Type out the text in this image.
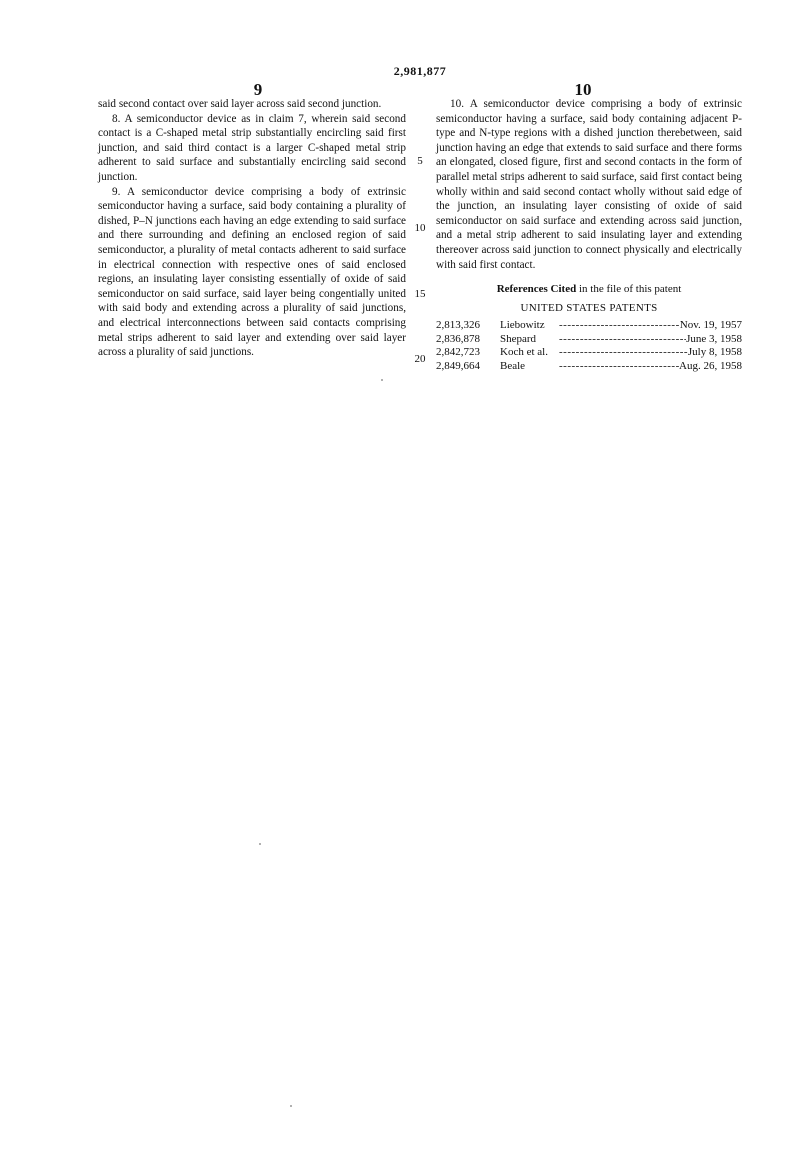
2,981,877
9	10

said second contact over said layer across said second junction.

8. A semiconductor device as in claim 7, wherein said second contact is a C-shaped metal strip substantially encircling said first junction, and said third contact is a larger C-shaped metal strip adherent to said surface and substantially encircling said second junction.

9. A semiconductor device comprising a body of extrinsic semiconductor having a surface, said body containing a plurality of dished, P–N junctions each having an edge extending to said surface and there surrounding and defining an enclosed region of said semiconductor, a plurality of metal contacts adherent to said surface in electrical connection with respective ones of said enclosed regions, an insulating layer consisting essentially of oxide of said semiconductor on said surface, said layer being congentially united with said body and extending across a plurality of said junctions, and electrical interconnections between said contacts comprising metal strips adherent to said layer and extending over said layer across a plurality of said junctions.

5
10
15
20

10. A semiconductor device comprising a body of extrinsic semiconductor having a surface, said body containing adjacent P-type and N-type regions with a dished junction therebetween, said junction having an edge that extends to said surface and there forms an elongated, closed figure, first and second contacts in the form of parallel metal strips adherent to said surface, said first contact being wholly within and said second contact wholly without said edge of the junction, an insulating layer consisting of oxide of said semiconductor on said surface and extending across said junction, and a metal strip adherent to said insulating layer and extending thereover across said junction to connect physically and electrically with said first contact.

References Cited in the file of this patent
UNITED STATES PATENTS
2,813,326	Liebowitz -----	Nov. 19, 1957
2,836,878	Shepard -----	June 3, 1958
2,842,723	Koch et al. -----	July 8, 1958
2,849,664	Beale -----	Aug. 26, 1958
